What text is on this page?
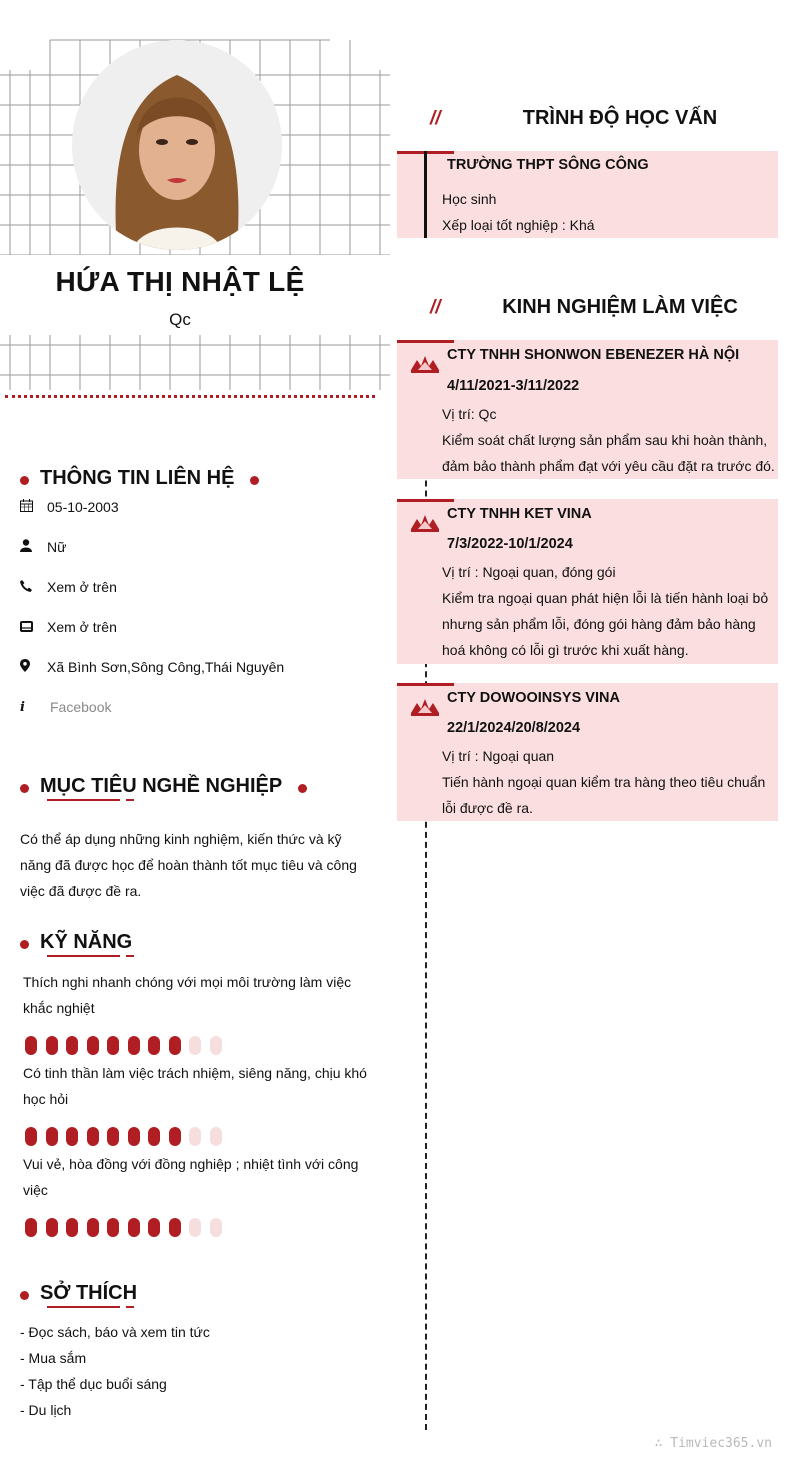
HỨA THỊ NHẬT LỆ
Qc
THÔNG TIN LIÊN HỆ
05-10-2003
Nữ
Xem ở trên
Xem ở trên
Xã Bình Sơn,Sông Công,Thái Nguyên
i	Facebook
MỤC TIÊU NGHỀ NGHIỆP
Có thể áp dụng những kinh nghiệm, kiến thức và kỹ năng đã được học để hoàn thành tốt mục tiêu và công việc đã được đề ra.
KỸ NĂNG
Thích nghi nhanh chóng với mọi môi trường làm việc khắc nghiệt
Có tinh thần làm việc trách nhiệm, siêng năng, chịu khó học hỏi
Vui vẻ, hòa đồng với đồng nghiệp ; nhiệt tình với công việc
SỞ THÍCH
- Đọc sách, báo và xem tin tức
- Mua sắm
- Tập thể dục buổi sáng
- Du lịch
//	TRÌNH ĐỘ HỌC VẤN
TRƯỜNG THPT SÔNG CÔNG
Học sinh
Xếp loại tốt nghiệp : Khá
//	KINH NGHIỆM LÀM VIỆC
CTY TNHH SHONWON EBENEZER HÀ NỘI
4/11/2021-3/11/2022
Vị trí: Qc
Kiểm soát chất lượng sản phẩm sau khi hoàn thành,
đảm bảo thành phẩm đạt với yêu cầu đặt ra trước đó.
CTY TNHH KET VINA
7/3/2022-10/1/2024
Vị trí : Ngoại quan, đóng gói
Kiểm tra ngoại quan phát hiện lỗi là tiến hành loại bỏ
nhưng sản phẩm lỗi, đóng gói hàng đảm bảo hàng
hoá không có lỗi gì trước khi xuất hàng.
CTY DOWOOINSYS VINA
22/1/2024/20/8/2024
Vị trí : Ngoại quan
Tiến hành ngoại quan kiểm tra hàng theo tiêu chuẩn
lỗi được đề ra.
∴ Timviec365.vn
